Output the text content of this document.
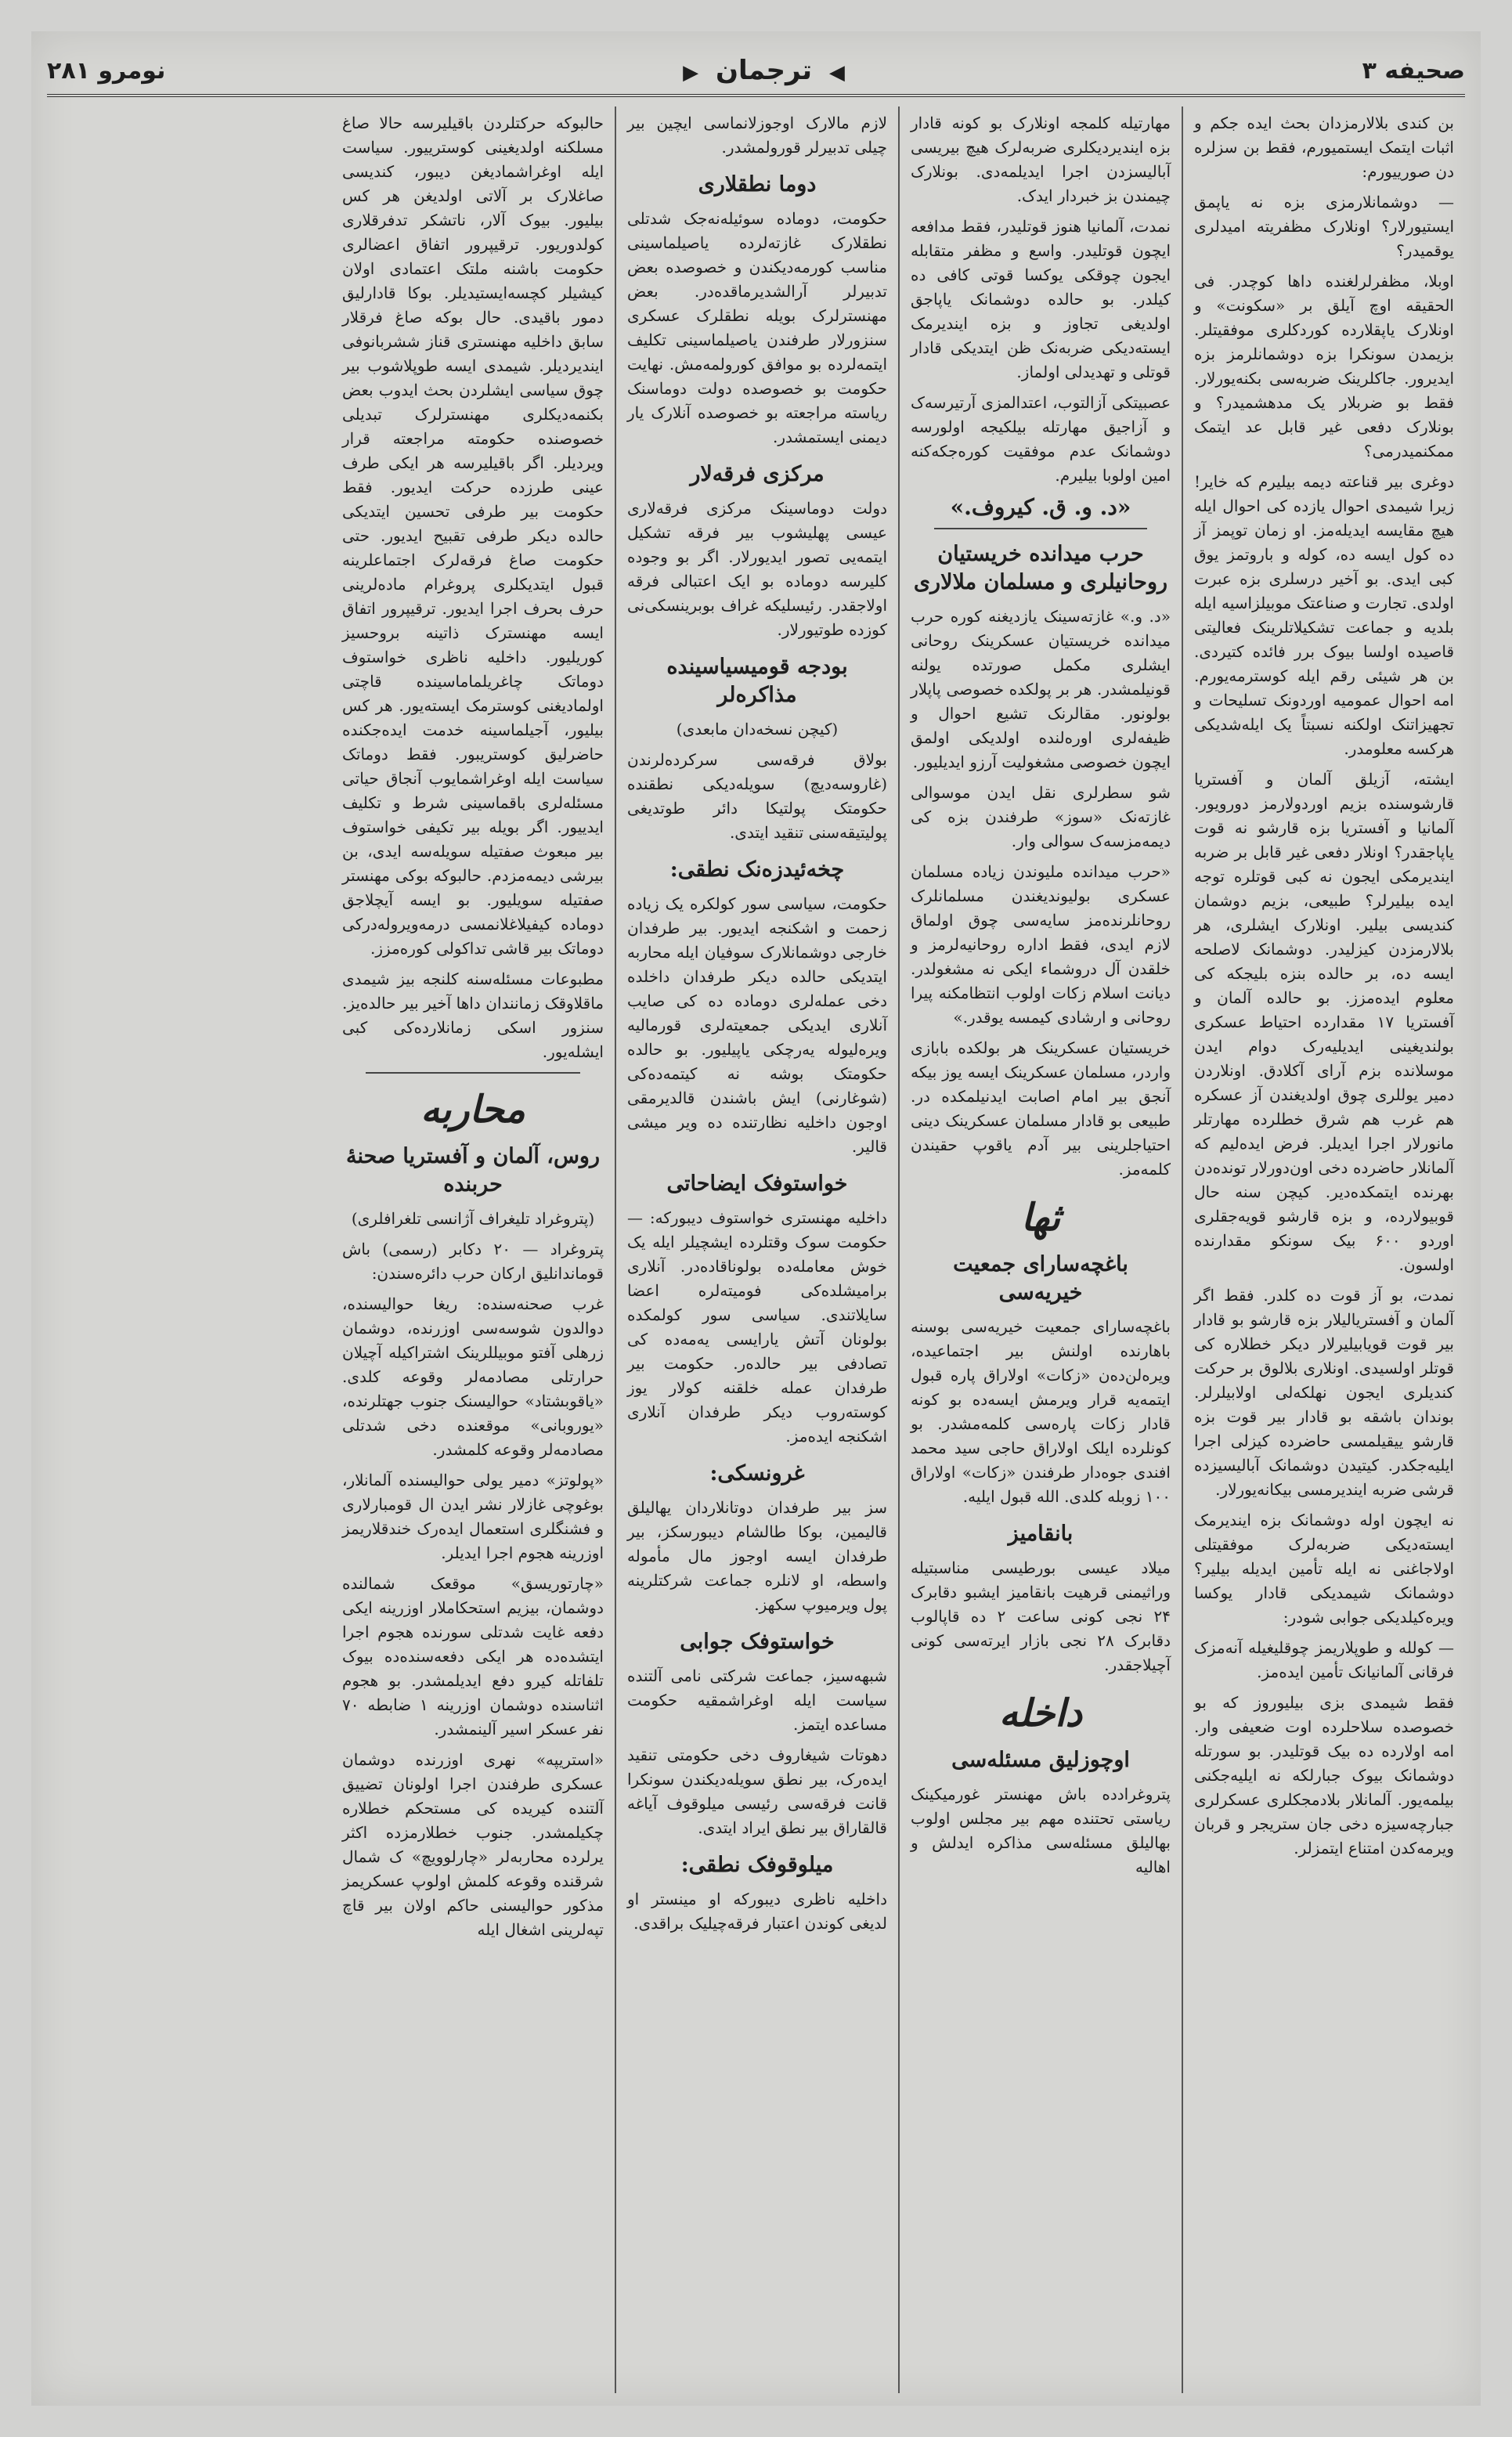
صحیفه ۳
◀ ترجمان ▶
نومرو ۲۸۱

بن کندی بلالارمزدان بحث ایده جکم و اثبات ایتمک ایستمیورم، فقط بن سزلره دن صورییورم:

— دوشمانلارمزی بزه نه یاپمق ایستیورلار؟ اونلارک مظفریته امیدلری یوقمیدر؟

اوبلا، مظفرلرلغنده داها کوچدر. فی الحقیقه اوچ آیلق بر «سکونت» و اونلارک یاپقلارده کوردکلری موفقیتلر. بزیمدن سونکرا بزه دوشمانلرمز بزه ایدیرور. جاکلرینک ضربه‌سی بکنه‌یورلار. فقط بو ضربلار یک مدهشمیدر؟ و بونلارک دفعی غیر قابل عد ایتمک ممکنمیدرمی؟

دوغری بیر قناعته دیمه بیلیرم که خایر! زیرا شیمدی احوال یازده کی احوال ایله هیچ مقایسه ایدیله‌مز. او زمان توپمز آز ده کول ایسه ده، کوله و باروتمز یوق کبی ایدی. بو آخیر درسلری بزه عبرت اولدی. تجارت و صناعتک موبیلزاسیه ایله بلدیه و جماعت تشکیلاتلرینک فعالیتی قاصیده اولسا بیوک برر فائده کتیردی. بن هر شیئی رقم ایله کوسترمه‌یورم. امه احوال عمومیه‌ اوردونک تسلیحات و تجهیزاتنک اولکنه نسبتاً یک ایله‌شدیکی هرکسه معلومدر.

ایشته، آزیلق آلمان و آفستریا قارشوسنده بزیم اوردولارمز دورویور. آلمانیا و آفستریا بزه قارشو نه قوت یاپاجقدر؟ اونلار دفعی غیر قابل بر ضربه ایندیرمکی ایجون نه کبی قوتلره توجه ایده بیلیرلر؟ طبیعی، بزیم دوشمان کندیسی بیلیر. اونلارک ایشلری، هر بلالارمزدن کیزلیدر. دوشمانک لاصلحه ایسه ده، بر حالده بنزه بلیجکه کی معلوم ایده‌مزز. بو حالده آلمان و آفستریا ۱۷ مقدارده احتیاط عسکری بولندیغینی ایدیلیه‌رک دوام ایدن موسلانده بزم آرای آکلادق. اونلاردن دمیر یوللری چوق اولدیغندن آز عسکره هم غرب هم شرق خطلرده مهارتلر مانورلار اجرا ایدیلر. فرض ایده‌لیم که آلمانلار حاضرده دخی اون‌دورلار تونده‌دن بهرنده ایتمکده‌دیر. کیچن سنه‌ حال قوبیولارده، و بزه قارشو قویه‌جقلری اوردو ۶۰۰ بیک سونکو مقدارنده اولسون.

نمدت، بو آز قوت ده کلدر. فقط اگر آلمان و آفستریالیلار بزه قارشو بو قادار بیر قوت قویابیلیرلار دیکر خطلاره کی قوتلر اولسیدی. اونلاری بلالوق بر حرکت کندیلری ایجون نهلکه‌لی اولابیلرلر. بوندان باشقه بو قادار بیر قوت بزه قارشو ییقیلمسی حاضرده کیزلی اجرا ایلیه‌جکدر. کیتیدن دوشمانک آبالیسیزده قرشی ضربه ایندیرمسی بیکانه‌یورلار.

نه ایچون اوله دوشمانک بزه ایندیرمک ایسته‌دیکی ضربه‌لرک موفقیتلی اولاجاغنی نه ایله تأمین ایدیله بیلیر؟ دوشمانک شیمدیکی قادار یوکسا ویره‌کیلدیکی جوابی شودر:

— کولله و طوپلاریمز چوقلیغیله آنه‌مزک فرقانی آلمانیانک تأمین ایده‌مز.

فقط شیمدی بزی بیلیوروز که بو خصوصده سلاحلرده اوت ضعیفی وار. امه اولارده ده بیک قوتلیدر. بو سورتله دوشمانک بیوک جبارلکه نه ایلیه‌جکنی بیلمه‌یور. آلمانلار بلادمجکلری عسکرلری جبارچه‌سیزه دخی جان ستریجر و قربان ویرمه‌کدن امتناع ایتمزلر.

مهارتیله کلمجه اونلارک بو کونه قادار بزه ایندیردیکلری ضربه‌لرک هیچ بیریسی آبالیسزدن اجرا ایدیلمه‌دی. بونلارک چیمندن بز خبردار ایدک.

نمدت، آلمانیا هنوز قوتلیدر، فقط مدافعه ایچون قوتلیدر. واسع و مظفر متقابله ایجون چوقکی یوکسا قوتی کافی ده کیلدر. بو حالده دوشمانک یاپاجق اولدیغی تجاوز و بزه ایندیرمک ایسته‌دیکی ضربه‌نک ظن ایتدیکی قادار قوتلی و تهدیدلی اولماز.

عصبیتکی آزالتوب، اعتدالمزی آرتیرسه‌ک و آزاجیق مهارتله بیلکیجه اولورسه دوشمانک عدم موفقیت کوره‌جکه‌کنه امین اولوبا بیلیرم.

«د. و. ق. کیروف.»
حرب میدانده خریستیان روحانیلری و مسلمان ملالاری

«د. و.» غازته‌سینک یازدیغنه کوره حرب میدانده خریستیان عسکرینک روحانی ایشلری مکمل صورتده یولنه قونیلمشدر. هر بر پولکده خصوصی پاپلار بولونور. مقالرنک تشیع احوال و ظیفه‌لری اوره‌لنده اولدیکی اولمق ایچون خصوصی مشغولیت آرزو ایدیلیور.

شو سطرلری نقل ایدن موسوالی غازته‌نک «سوز» طرفندن بزه کی دیمه‌مزسه‌ک سوالی وار.

«حرب میدانده ملیوندن زیاده مسلمان عسکری بولیوندیغندن مسلمانلرک روحانلرنده‌مز سایه‌سی چوق اولماق لازم ایدی، فقط اداره روحانیه‌لرمز و خلقدن آل دروشماء ایکی نه مشغولدر. دیانت اسلام زکات اولوب انتظامکنه پیرا روحانی و ارشادی کیمسه یوقدر.»

خریستیان عسکرینک هر بولکده بابازی واردر، مسلمان عسکرینک ایسه یوز بیکه آنجق بیر امام اصابت ایدنیلمکده‌ در. طبیعی بو قادار مسلمان عسکرینک دینی احتیاجلرینی بیر آدم یاقوپ حقیندن کلمه‌مز.

ثها
باغچه‌سارای جمعیت خیریه‌سی

باغچه‌سارای جمعیت خیریه‌سی بوسنه باهارنده اولنش بیر اجتماعیده، ویره‌لن‌ده‌ن «زکات» اولاراق پاره قبول ایتمه‌یه قرار ویرمش ایسه‌ده بو کونه قادار زکات پاره‌سی کلمه‌مشدر. بو کونلرده ایلک اولاراق حاجی سید محمد افندی جوه‌دار طرفندن «زکات» اولاراق ۱۰۰ زوبله کلدی. الله قبول ایلیه.

بانقامیز

میلاد عیسی بورطیسی مناسبتیله وراثیمنی قرهیت بانقامیز ایشبو دقابرک ۲۴ نجی کونی ساعت ۲ ده قاپالوب دقابرک ۲۸ نجی بازار ایرته‌سی کونی آچیلاجقدر.

داخله
اوچوزلیق مسئله‌سی

پتروغرادده باش مهنستر غورمیکینک ریاستی تحتنده مهم بیر مجلس اولوب بهالیلق مسئله‌سی مذاکره ایدلش و اهالیه

لازم مالارک اوجوزلانماسی ایچین بیر چیلی تدبیرلر قورولمشدر.

دوما نطقلاری

حکومت، دوماده سوئیله‌نه‌جک شدتلی نطقلارک غازته‌لرده یاصیلماسینی مناسب کورمه‌دیکندن و خصوصده بعض تدبیرلر آرالشدیرماقده‌در. بعض مهنسترلرک بویله نطقلرک عسکری سنزورلار طرفندن یاصیلماسینی تکلیف ایتمه‌لرده بو موافق کورولمه‌مش. نهایت حکومت بو خصوصده دولت دوماسنک ریاسته مراجعته بو خصوصده آنلارک یار دیمنی ایستمشدر.

مرکزی فرقه‌لار

دولت دوماسینک مرکزی فرقه‌لاری عیسی پهلیشوب بیر فرقه تشکیل ایتمه‌یی تصور ایدیورلار. اگر بو وجوده کلیرسه دوماده بو ایک اعتبالی فرقه اولاجقدر. رئیسلیکه غراف بوبرینسکی‌نی کوزده طوتیورلار.

بودجه قومیسیاسینده مذاکره‌لر

(کیچن نسخه‌دان مابعدی)

بولاق فرقه‌سی سرکرده‌لرندن (غاروسه‌دیچ) سویله‌دیکی نطقنده حکومتک پولتیکا دائر طوتدیغی پولیتیقه‌سنی تنقید ایتدی.

چخه‌ئیدزه‌نک نطقی:

حکومت، سیاسی سور کولکره یک زیاده زحمت و اشکنجه ایدیور. بیر طرفدان خارجی دوشمانلارک سوفیان ایله محاربه ایتدیکی حالده دیکر طرفدان داخلده دخی عمله‌لری دوماده ده کی صایب آنلاری ایدیکی جمعیته‌لری قورمالیه ویره‌لیوله‌ یه‌رچکی یاپیلیور. بو حالده حکومتک بوشه نه کیتمه‌ده‌کی (شوغارنی) ایش باشندن قالدیرمقی اوجون داخلیه نظارتنده ده ویر میشی قالیر.

خواستوفک ایضاحاتی

داخلیه مهنستری خواستوف دیبورکه: — حکومت سوک وقتلرده ایشچیلر ایله یک خوش معامله‌ده بولوناقاده‌در. آنلاری برامیشلده‌کی فومیته‌لره اعضا سایلاتندی. سیاسی سور کولمکده‌ بولونان آتش یارایسی یه‌مه‌ده‌ کی تصادفی بیر حالده‌ر. حکومت بیر طرفدان عمله خلقنه کولار یوز کوسته‌روب دیکر طرفدان آنلاری اشکنجه ایده‌مز.

غرونسکی:

سز بیر طرفدان دوتانلاردان یهالیلق قالیمین، بوکا طالشام دیبورسکز، بیر طرفدان ایسه اوجوز مال مأموله واسطه، او لانلره جماعت شرکتلرینه پول ویرمیوپ سکهز.

خواستوفک جوابی

شبهه‌سیز، جماعت شرکتی نامی آلتنده سیاست ایله اوغراشمقیه حکومت مساعده ایتمز.

دهوتات شیغاروف دخی حکومتی تنقید ایده‌رک، بیر نطق سویله‌دیکندن سونکرا قانت فرقه‌سی رئیسی میلوقوف آیاغه قالقاراق بیر نطق ایراد ایتدی.

میلوقوفک نطقی:

داخلیه ناظری دیبورکه او مینستر او لدیغی کوندن اعتبار فرقه‌چیلیک براقدی.

حالبوکه حرکتلردن باقیلیرسه حالا صاغ مسلکنه اولدیغینی کوسترییور. سیاست ایله اوغراشمادیغن دیبور، کندیسی صاغلارک بر آلاتی اولدیغن هر کس بیلیور. بیوک آلار، ناتشکر تدفرقلاری کولدوریور. ترقیپرور اتفاق اعضالری حکومت باشنه ملتک اعتمادی اولان کیشیلر کچسه‌ایستیدیلر. بوکا قادارلیق دمور باقیدی. حال بوکه صاغ فرقلار سابق داخلیه مهنستری قناز ششربانوفی ایندیردیلر. شیمدی ایسه طوپلاشوب بیر چوق سیاسی ایشلردن بحث ایدوب بعض بکنمه‌دیکلری مهنسترلرک تبدیلی خصوصنده حکومته مراجعته قرار ویردیلر. اگر باقیلیرسه هر ایکی طرف عینی طرزده حرکت ایدیور. فقط حکومت بیر طرفی تحسین ایتدیکی حالده دیکر طرفی تقبیح ایدیور. حتی حکومت صاغ فرقه‌لرک اجتماعلرینه قبول ایتدیکلری پروغرام ماده‌لرینی حرف بحرف اجرا ایدیور. ترقیپرور اتفاق ایسه مهنسترک ذاتینه بروحسیز کوریلیور. داخلیه ناظری خواستوف دوماتک چاغریلماماسینده قاچتی اولمادیغنی کوسترمک ایسته‌یور. هر کس بیلیور، آجیلماسینه خدمت ایده‌جکنده حاضرلیق کوستریبور. فقط دوماتک سیاست ایله اوغراشمایوب آنجاق حیاتی مسئله‌لری باقماسینی شرط و تکلیف ایدییور. اگر بویله بیر تکیفی خواستوف بیر مبعوث صفتیله سویله‌سه ایدی، بن بیرشی دیمه‌مزدم. حالبوکه بوکی مهنستر صفتیله سویلیور. بو ایسه آیچلاجق دوماده کیفیلاغلانمسی درمه‌ویروله‌درکی دوماتک بیر قاشی تداکولی کوره‌مزز.

مطبوعات مسئله‌سنه کلنجه بیز شیمدی ماقلاوقک زمانندان داها آخیر بیر حالده‌یز. سنزور اسکی زمانلارده‌کی کبی ایشله‌یور.

محاربه
روس، آلمان و آفستریا صحنهٔ حربنده

(پتروغراد تلیغراف آژانسی تلغرافلری)

پتروغراد — ۲۰ دکابر (رسمی) باش قوماندانلیق ارکان حرب دائره‌سندن:

غرب صحنه‌سنده: ریغا حوالیسنده، دوالدون شوسه‌سی اوزرنده، دوشمان زرهلی آفتو موبیللرینک اشتراکیله آچیلان حرارتلی مصادمه‌لر وقوعه کلدی. «یاقوبشتاد» حوالیسنک جنوب جهتلرنده، «یوروبانی» موقعنده دخی شدتلی مصادمه‌لر وقوعه کلمشدر.

«پولوتز» دمیر یولی حوالیسنده آلمانلار، بوغوچی غازلار نشر ایدن ال قومبارلاری و فشنگلری استعمال ایده‌رک خندقلاریمز اوزرینه هجوم اجرا ایدیلر.

«چارتوریسق» موقعک شمالنده دوشمان، بیزیم استحکاملار اوزرینه ایکی دفعه غایت شدتلی سورنده هجوم اجرا ایتشده‌ده هر ایکی دفعه‌سنده‌ده بیوک تلفاتله کیرو دفع ایدیلمشدر. بو هجوم اثناسنده دوشمان اوزرینه ۱ ضابطه ۷۰ نفر عسکر اسیر آلینمشدر.

«استریپه» نهری اوزرنده دوشمان عسکری طرفندن اجرا اولونان تضییق آلتنده کیریده کی مستحکم خطلاره چکیلمشدر. جنوب خطلارمزده اکثر یرلرده‌ محاربه‌لر «چارلوویچ» ک شمال شرقنده وقوعه کلمش اولوپ عسکریمز مذکور حوالیسنی حاکم اولان بیر قاچ تپه‌لرینی اشغال ایله‌
